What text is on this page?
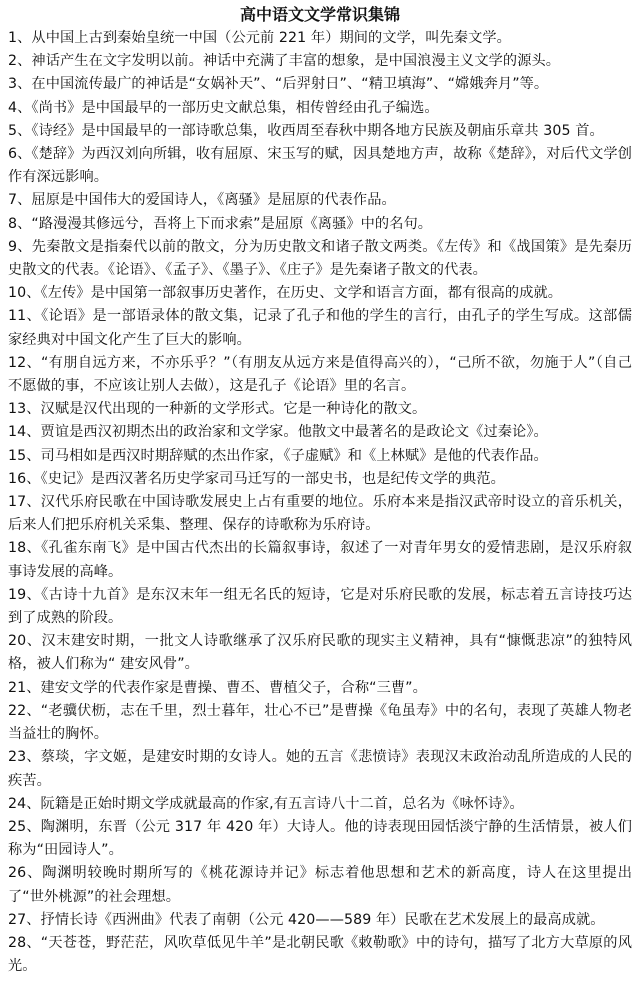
高中语文文学常识集锦
1、从中国上古到秦始皇统一中国（公元前 221 年）期间的文学，叫先秦文学。
2、神话产生在文字发明以前。神话中充满了丰富的想象，是中国浪漫主义文学的源头。
3、在中国流传最广的神话是“女娲补天”、“后羿射日”、“精卫填海”、“嫦娥奔月”等。
4、《尚书》是中国最早的一部历史文献总集，相传曾经由孔子编选。
5、《诗经》是中国最早的一部诗歌总集，收西周至春秋中期各地方民族及朝庙乐章共 305 首。
6、《楚辞》为西汉刘向所辑，收有屈原、宋玉写的赋，因具楚地方声，故称《楚辞》，对后代文学创作有深远影响。
7、屈原是中国伟大的爱国诗人，《离骚》是屈原的代表作品。
8、“路漫漫其修远兮，吾将上下而求索”是屈原《离骚》中的名句。
9、先秦散文是指秦代以前的散文，分为历史散文和诸子散文两类。《左传》和《战国策》是先秦历史散文的代表。《论语》、《孟子》、《墨子》、《庄子》是先秦诸子散文的代表。
10、《左传》是中国第一部叙事历史著作，在历史、文学和语言方面，都有很高的成就。
11、《论语》是一部语录体的散文集，记录了孔子和他的学生的言行，由孔子的学生写成。这部儒家经典对中国文化产生了巨大的影响。
12、“有朋自远方来，不亦乐乎？”（有朋友从远方来是值得高兴的），“己所不欲，勿施于人”（自己不愿做的事，不应该让别人去做），这是孔子《论语》里的名言。
13、汉赋是汉代出现的一种新的文学形式。它是一种诗化的散文。
14、贾谊是西汉初期杰出的政治家和文学家。他散文中最著名的是政论文《过秦论》。
15、司马相如是西汉时期辞赋的杰出作家，《子虚赋》和《上林赋》是他的代表作品。
16、《史记》是西汉著名历史学家司马迁写的一部史书，也是纪传文学的典范。
17、汉代乐府民歌在中国诗歌发展史上占有重要的地位。乐府本来是指汉武帝时设立的音乐机关，后来人们把乐府机关采集、整理、保存的诗歌称为乐府诗。
18、《孔雀东南飞》是中国古代杰出的长篇叙事诗，叙述了一对青年男女的爱情悲剧，是汉乐府叙事诗发展的高峰。
19、《古诗十九首》是东汉末年一组无名氏的短诗，它是对乐府民歌的发展，标志着五言诗技巧达到了成熟的阶段。
20、汉末建安时期，一批文人诗歌继承了汉乐府民歌的现实主义精神，具有“慷慨悲凉”的独特风格，被人们称为“ 建安风骨”。
21、建安文学的代表作家是曹操、曹丕、曹植父子，合称“三曹”。
22、“老骥伏枥，志在千里，烈士暮年，壮心不已”是曹操《龟虽寿》中的名句，表现了英雄人物老当益壮的胸怀。
23、蔡琰，字文姬，是建安时期的女诗人。她的五言《悲愤诗》表现汉末政治动乱所造成的人民的疾苦。
24、阮籍是正始时期文学成就最高的作家,有五言诗八十二首，总名为《咏怀诗》。
25、陶渊明，东晋（公元 317 年 420 年）大诗人。他的诗表现田园恬淡宁静的生活情景，被人们称为“田园诗人”。
26、陶渊明较晚时期所写的《桃花源诗并记》标志着他思想和艺术的新高度，诗人在这里提出了“世外桃源”的社会理想。
27、抒情长诗《西洲曲》代表了南朝（公元 420——589 年）民歌在艺术发展上的最高成就。
28、“天苍苍，野茫茫，风吹草低见牛羊”是北朝民歌《敕勒歌》中的诗句，描写了北方大草原的风光。
